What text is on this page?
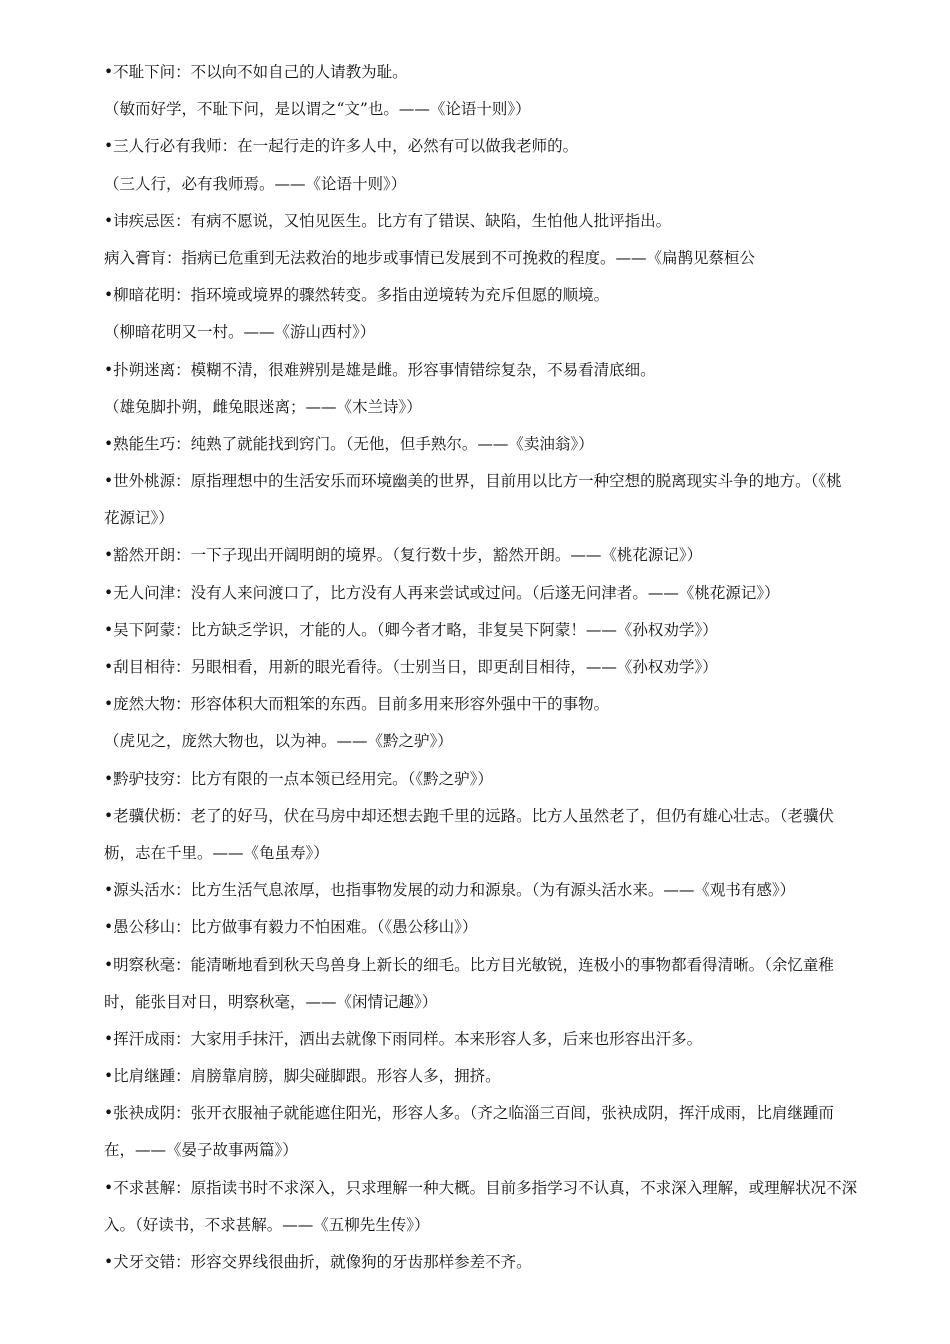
•不耻下问：不以向不如自己的人请教为耻。
（敏而好学，不耻下问，是以谓之“文”也。——《论语十则》）
•三人行必有我师：在一起行走的许多人中，必然有可以做我老师的。
（三人行，必有我师焉。——《论语十则》）
•讳疾忌医：有病不愿说，又怕见医生。比方有了错误、缺陷，生怕他人批评指出。
病入膏肓：指病已危重到无法救治的地步或事情已发展到不可挽救的程度。——《扁鹊见蔡桓公
•柳暗花明：指环境或境界的骤然转变。多指由逆境转为充斥但愿的顺境。
（柳暗花明又一村。——《游山西村》）
•扑朔迷离：模糊不清，很难辨别是雄是雌。形容事情错综复杂，不易看清底细。
（雄兔脚扑朔，雌兔眼迷离；——《木兰诗》）
•熟能生巧：纯熟了就能找到窍门。（无他，但手熟尔。——《卖油翁》）
•世外桃源：原指理想中的生活安乐而环境幽美的世界，目前用以比方一种空想的脱离现实斗争的地方。（《桃
花源记》）
•豁然开朗：一下子现出开阔明朗的境界。（复行数十步，豁然开朗。——《桃花源记》）
•无人问津：没有人来问渡口了，比方没有人再来尝试或过问。（后遂无问津者。——《桃花源记》）
•吴下阿蒙：比方缺乏学识，才能的人。（卿今者才略，非复吴下阿蒙！——《孙权劝学》）
•刮目相待：另眼相看，用新的眼光看待。（士别当日，即更刮目相待，——《孙权劝学》）
•庞然大物：形容体积大而粗笨的东西。目前多用来形容外强中干的事物。
（虎见之，庞然大物也，以为神。——《黔之驴》）
•黔驴技穷：比方有限的一点本领已经用完。（《黔之驴》）
•老骥伏枥：老了的好马，伏在马房中却还想去跑千里的远路。比方人虽然老了，但仍有雄心壮志。（老骥伏
枥，志在千里。——《龟虽寿》）
•源头活水：比方生活气息浓厚，也指事物发展的动力和源泉。（为有源头活水来。——《观书有感》）
•愚公移山：比方做事有毅力不怕困难。（《愚公移山》）
•明察秋毫：能清晰地看到秋天鸟兽身上新长的细毛。比方目光敏锐，连极小的事物都看得清晰。（余忆童稚
时，能张目对日，明察秋毫，——《闲情记趣》）
•挥汗成雨：大家用手抹汗，洒出去就像下雨同样。本来形容人多，后来也形容出汗多。
•比肩继踵：肩膀靠肩膀，脚尖碰脚跟。形容人多，拥挤。
•张袂成阴：张开衣服袖子就能遮住阳光，形容人多。（齐之临淄三百闾，张袂成阴，挥汗成雨，比肩继踵而
在，——《晏子故事两篇》）
•不求甚解：原指读书时不求深入，只求理解一种大概。目前多指学习不认真，不求深入理解，或理解状况不深
入。（好读书，不求甚解。——《五柳先生传》）
•犬牙交错：形容交界线很曲折，就像狗的牙齿那样参差不齐。
